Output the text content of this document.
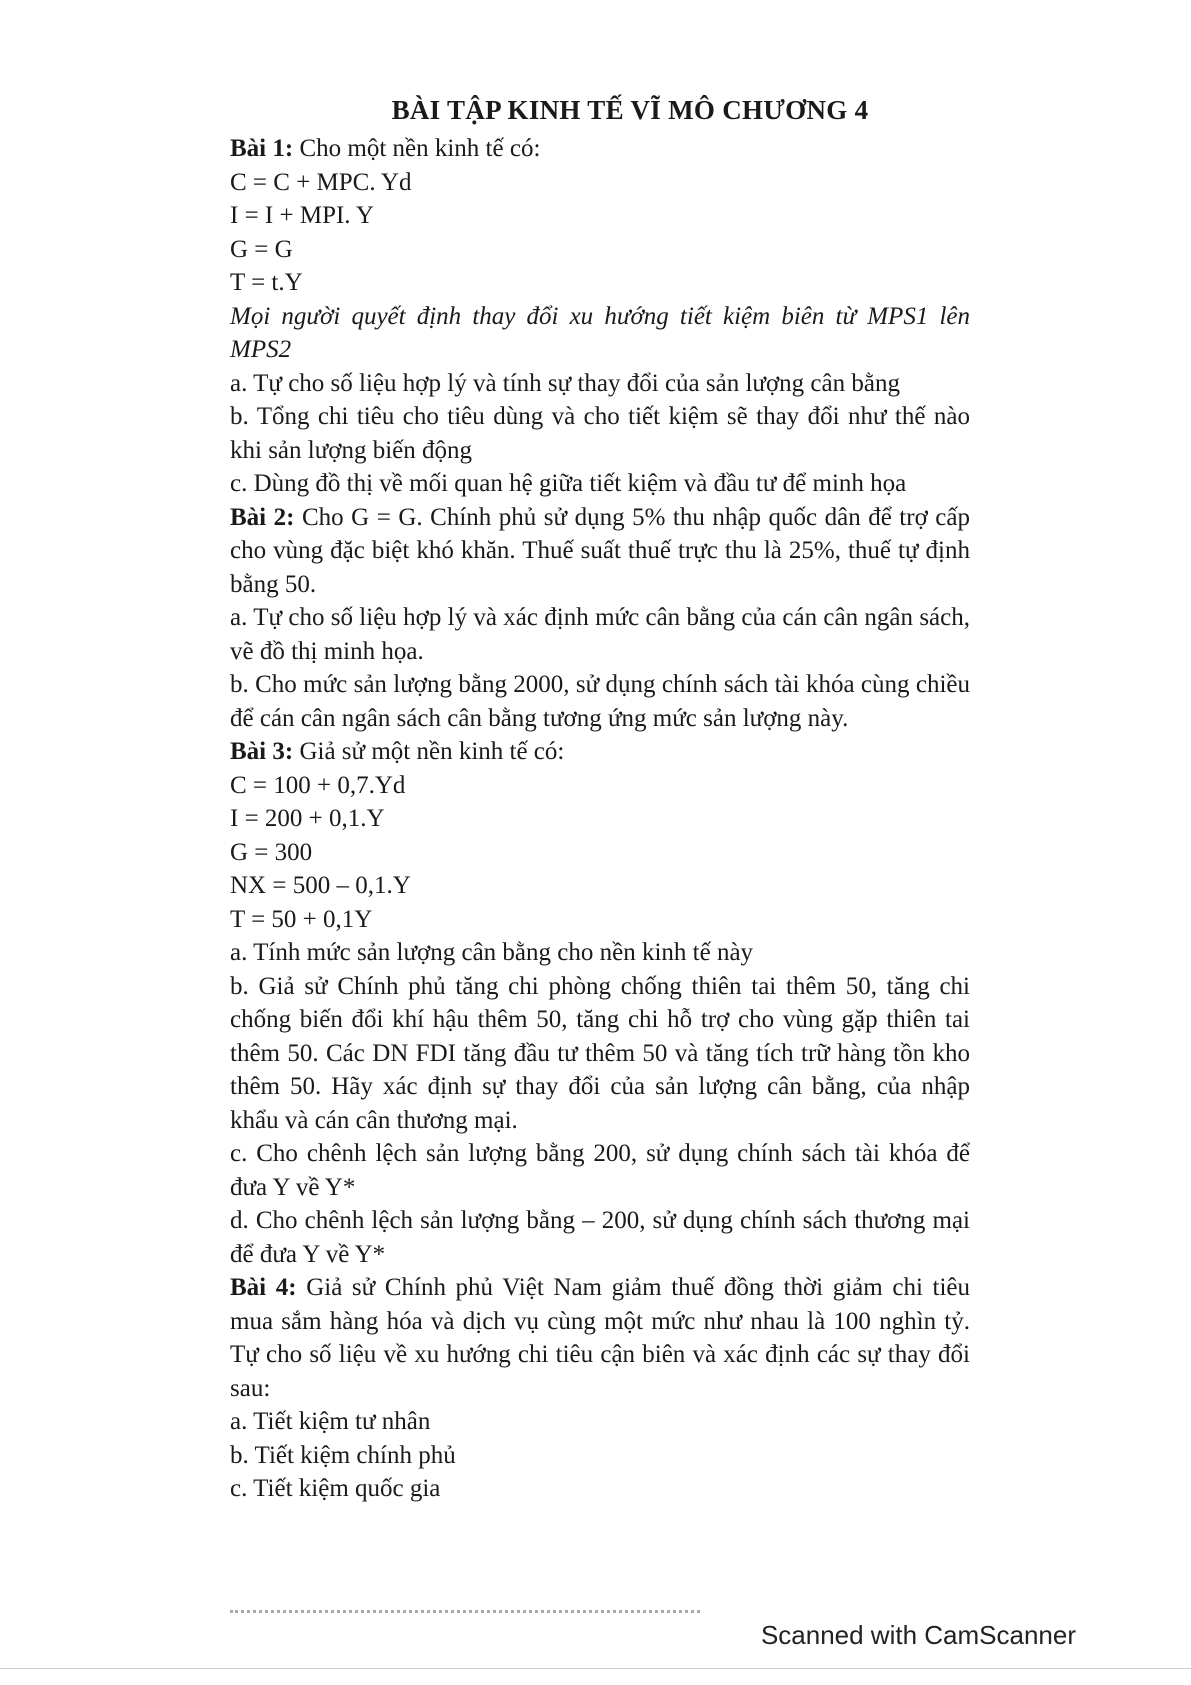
BÀI TẬP KINH TẾ VĨ MÔ CHƯƠNG 4

Bài 1: Cho một nền kinh tế có:

C = C + MPC. Yd

I = I + MPI. Y

G = G

T = t.Y

Mọi người quyết định thay đổi xu hướng tiết kiệm biên từ MPS1 lên MPS2

a. Tự cho số liệu hợp lý và tính sự thay đổi của sản lượng cân bằng

b. Tổng chi tiêu cho tiêu dùng và cho tiết kiệm sẽ thay đổi như thế nào khi sản lượng biến động

c. Dùng đồ thị về mối quan hệ giữa tiết kiệm và đầu tư để minh họa

Bài 2: Cho G = G. Chính phủ sử dụng 5% thu nhập quốc dân để trợ cấp cho vùng đặc biệt khó khăn. Thuế suất thuế trực thu là 25%, thuế tự định bằng 50.

a. Tự cho số liệu hợp lý và xác định mức cân bằng của cán cân ngân sách, vẽ đồ thị minh họa.

b. Cho mức sản lượng bằng 2000, sử dụng chính sách tài khóa cùng chiều để cán cân ngân sách cân bằng tương ứng mức sản lượng này.

Bài 3: Giả sử một nền kinh tế có:

C = 100 + 0,7.Yd

I = 200 + 0,1.Y

G = 300

NX = 500 – 0,1.Y

T = 50 + 0,1Y

a. Tính mức sản lượng cân bằng cho nền kinh tế này

b. Giả sử Chính phủ tăng chi phòng chống thiên tai thêm 50, tăng chi chống biến đổi khí hậu thêm 50, tăng chi hỗ trợ cho vùng gặp thiên tai thêm 50. Các DN FDI tăng đầu tư thêm 50 và tăng tích trữ hàng tồn kho thêm 50. Hãy xác định sự thay đổi của sản lượng cân bằng, của nhập khẩu và cán cân thương mại.

c. Cho chênh lệch sản lượng bằng 200, sử dụng chính sách tài khóa để đưa Y về Y*

d. Cho chênh lệch sản lượng bằng – 200, sử dụng chính sách thương mại để đưa Y về Y*

Bài 4: Giả sử Chính phủ Việt Nam giảm thuế đồng thời giảm chi tiêu mua sắm hàng hóa và dịch vụ cùng một mức như nhau là 100 nghìn tỷ. Tự cho số liệu về xu hướng chi tiêu cận biên và xác định các sự thay đổi sau:

a. Tiết kiệm tư nhân

b. Tiết kiệm chính phủ

c. Tiết kiệm quốc gia

Scanned with CamScanner
